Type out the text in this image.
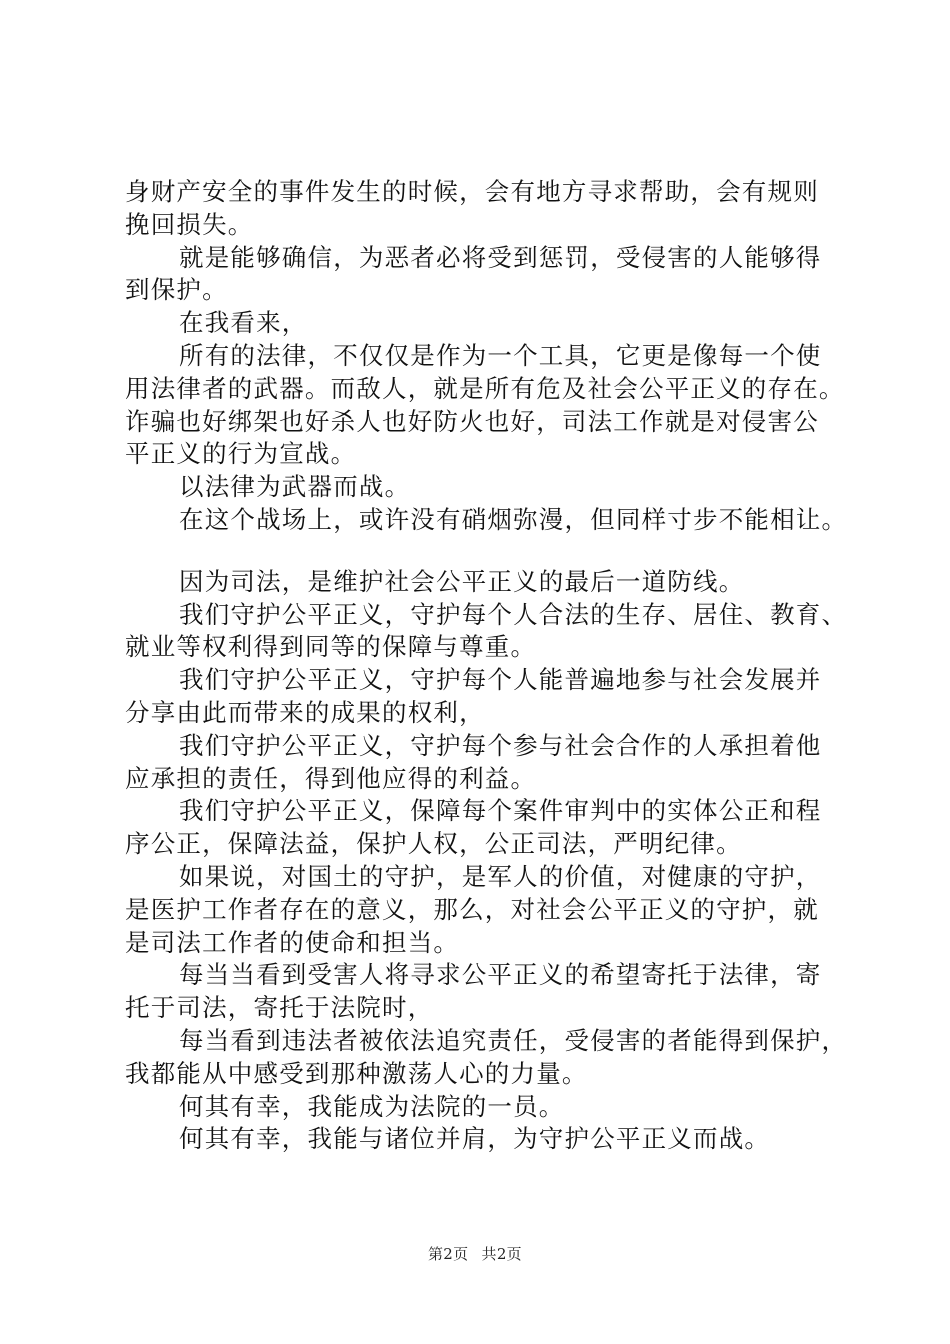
身财产安全的事件发生的时候，会有地方寻求帮助，会有规则
挽回损失。
就是能够确信，为恶者必将受到惩罚，受侵害的人能够得
到保护。
在我看来，
所有的法律，不仅仅是作为一个工具，它更是像每一个使
用法律者的武器。而敌人，就是所有危及社会公平正义的存在。
诈骗也好绑架也好杀人也好防火也好，司法工作就是对侵害公
平正义的行为宣战。
以法律为武器而战。
在这个战场上，或许没有硝烟弥漫，但同样寸步不能相让。
因为司法，是维护社会公平正义的最后一道防线。
我们守护公平正义，守护每个人合法的生存、居住、教育、
就业等权利得到同等的保障与尊重。
我们守护公平正义，守护每个人能普遍地参与社会发展并
分享由此而带来的成果的权利，
我们守护公平正义，守护每个参与社会合作的人承担着他
应承担的责任，得到他应得的利益。
我们守护公平正义，保障每个案件审判中的实体公正和程
序公正，保障法益，保护人权，公正司法，严明纪律。
如果说，对国土的守护，是军人的价值，对健康的守护，
是医护工作者存在的意义，那么，对社会公平正义的守护，就
是司法工作者的使命和担当。
每当当看到受害人将寻求公平正义的希望寄托于法律，寄
托于司法，寄托于法院时，
每当看到违法者被依法追究责任，受侵害的者能得到保护，
我都能从中感受到那种激荡人心的力量。
何其有幸，我能成为法院的一员。
何其有幸，我能与诸位并肩，为守护公平正义而战。
第2页 共2页
